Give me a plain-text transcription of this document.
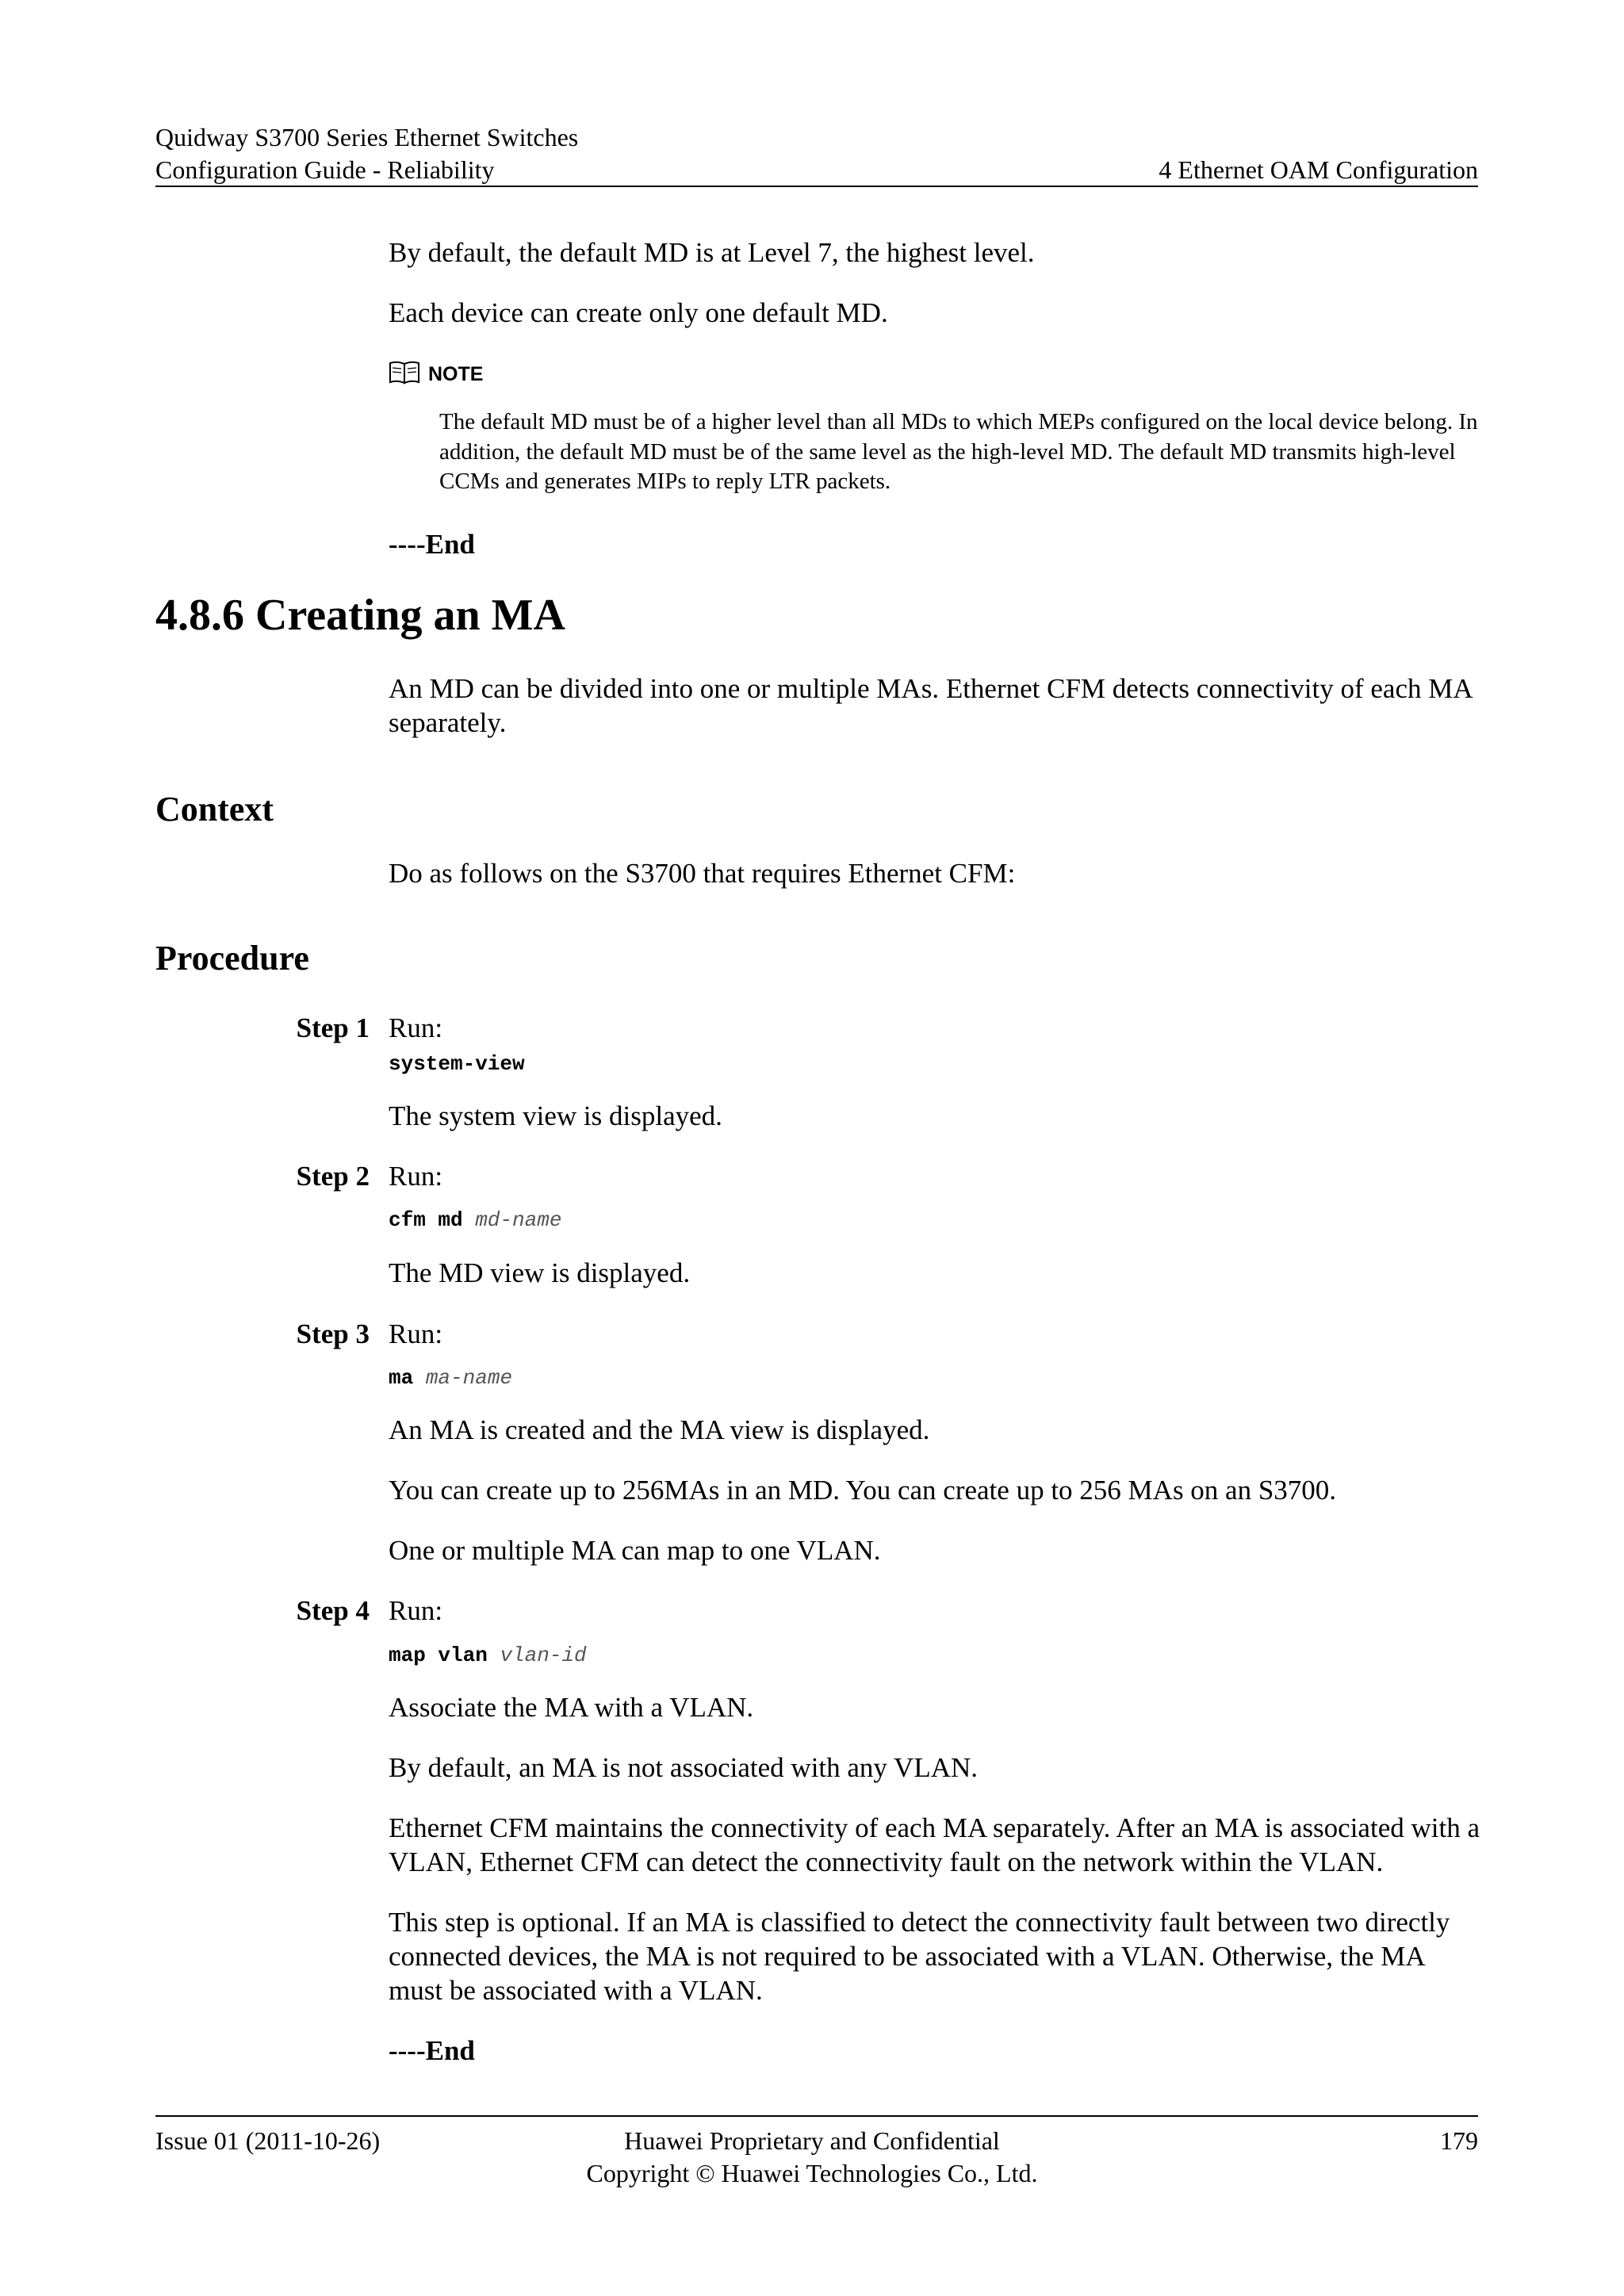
Quidway S3700 Series Ethernet Switches
Configuration Guide - Reliability	4 Ethernet OAM Configuration
By default, the default MD is at Level 7, the highest level.
Each device can create only one default MD.
NOTE
The default MD must be of a higher level than all MDs to which MEPs configured on the local device belong. In addition, the default MD must be of the same level as the high-level MD. The default MD transmits high-level CCMs and generates MIPs to reply LTR packets.
----End
4.8.6 Creating an MA
An MD can be divided into one or multiple MAs. Ethernet CFM detects connectivity of each MA separately.
Context
Do as follows on the S3700 that requires Ethernet CFM:
Procedure
Step 1 Run:
system-view
The system view is displayed.
Step 2 Run:
cfm md md-name
The MD view is displayed.
Step 3 Run:
ma ma-name
An MA is created and the MA view is displayed.
You can create up to 256MAs in an MD. You can create up to 256 MAs on an S3700.
One or multiple MA can map to one VLAN.
Step 4 Run:
map vlan vlan-id
Associate the MA with a VLAN.
By default, an MA is not associated with any VLAN.
Ethernet CFM maintains the connectivity of each MA separately. After an MA is associated with a VLAN, Ethernet CFM can detect the connectivity fault on the network within the VLAN.
This step is optional. If an MA is classified to detect the connectivity fault between two directly connected devices, the MA is not required to be associated with a VLAN. Otherwise, the MA must be associated with a VLAN.
----End
Issue 01 (2011-10-26)	Huawei Proprietary and Confidential
Copyright © Huawei Technologies Co., Ltd.
179
